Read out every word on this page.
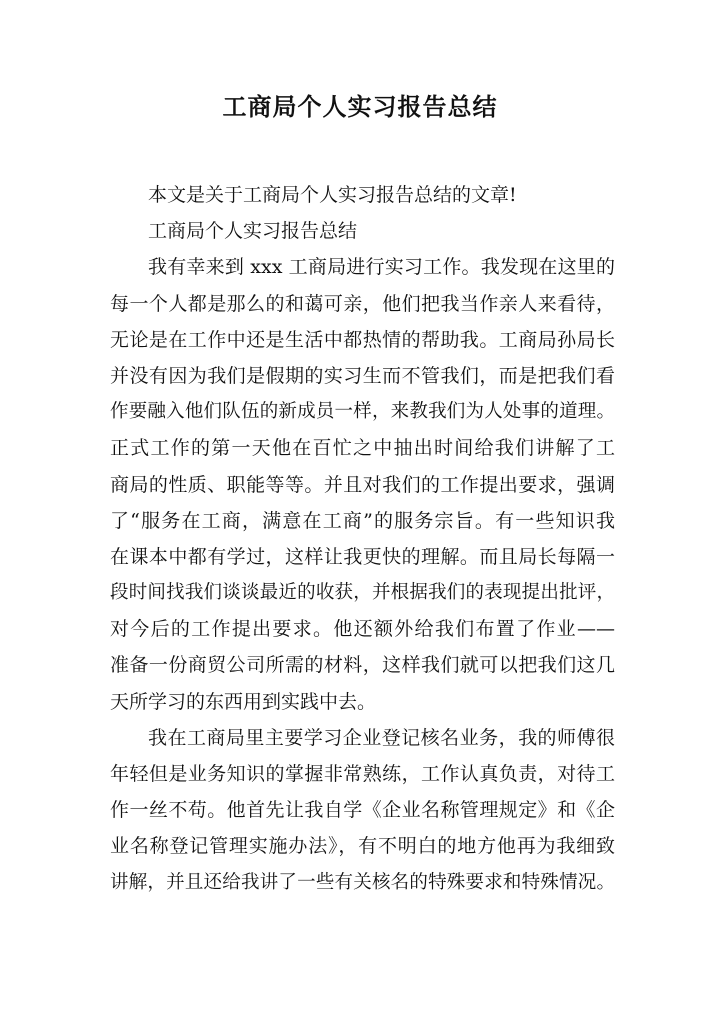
工商局个人实习报告总结
本文是关于工商局个人实习报告总结的文章!
工商局个人实习报告总结
我有幸来到 xxx 工商局进行实习工作。我发现在这里的
每一个人都是那么的和蔼可亲，他们把我当作亲人来看待，
无论是在工作中还是生活中都热情的帮助我。工商局孙局长
并没有因为我们是假期的实习生而不管我们，而是把我们看
作要融入他们队伍的新成员一样，来教我们为人处事的道理。
正式工作的第一天他在百忙之中抽出时间给我们讲解了工
商局的性质、职能等等。并且对我们的工作提出要求，强调
了“服务在工商，满意在工商”的服务宗旨。有一些知识我
在课本中都有学过，这样让我更快的理解。而且局长每隔一
段时间找我们谈谈最近的收获，并根据我们的表现提出批评，
对今后的工作提出要求。他还额外给我们布置了作业——
准备一份商贸公司所需的材料，这样我们就可以把我们这几
天所学习的东西用到实践中去。
我在工商局里主要学习企业登记核名业务，我的师傅很
年轻但是业务知识的掌握非常熟练，工作认真负责，对待工
作一丝不苟。他首先让我自学《企业名称管理规定》和《企
业名称登记管理实施办法》，有不明白的地方他再为我细致
讲解，并且还给我讲了一些有关核名的特殊要求和特殊情况。
